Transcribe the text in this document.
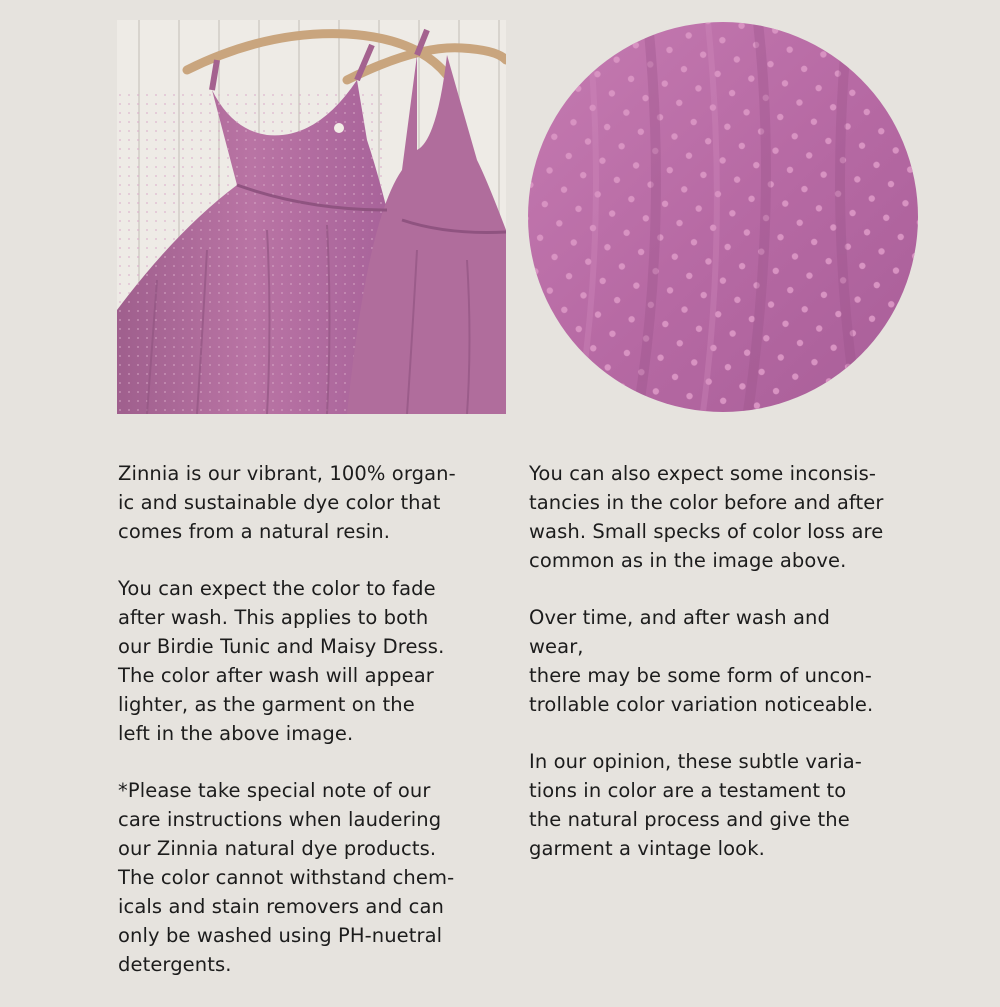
Zinnia is our vibrant, 100% organ-
ic and sustainable dye color that
comes from a natural resin.

You can expect the color to fade
after wash. This applies to both
our Birdie Tunic and Maisy Dress.
The color after wash will appear
lighter, as the garment on the
left in the above image.

*Please take special note of our
care instructions when laudering
our Zinnia natural dye products.
The color cannot withstand chem-
icals and stain removers and can
only be washed using PH-nuetral
detergents.

You can also expect some inconsis-
tancies in the color before and after
wash. Small specks of color loss are
common as in the image above.

Over time, and after wash and wear,
there may be some form of uncon-
trollable color variation noticeable.

In our opinion, these subtle varia-
tions in color are a testament to
the natural process and give the
garment a vintage look.
